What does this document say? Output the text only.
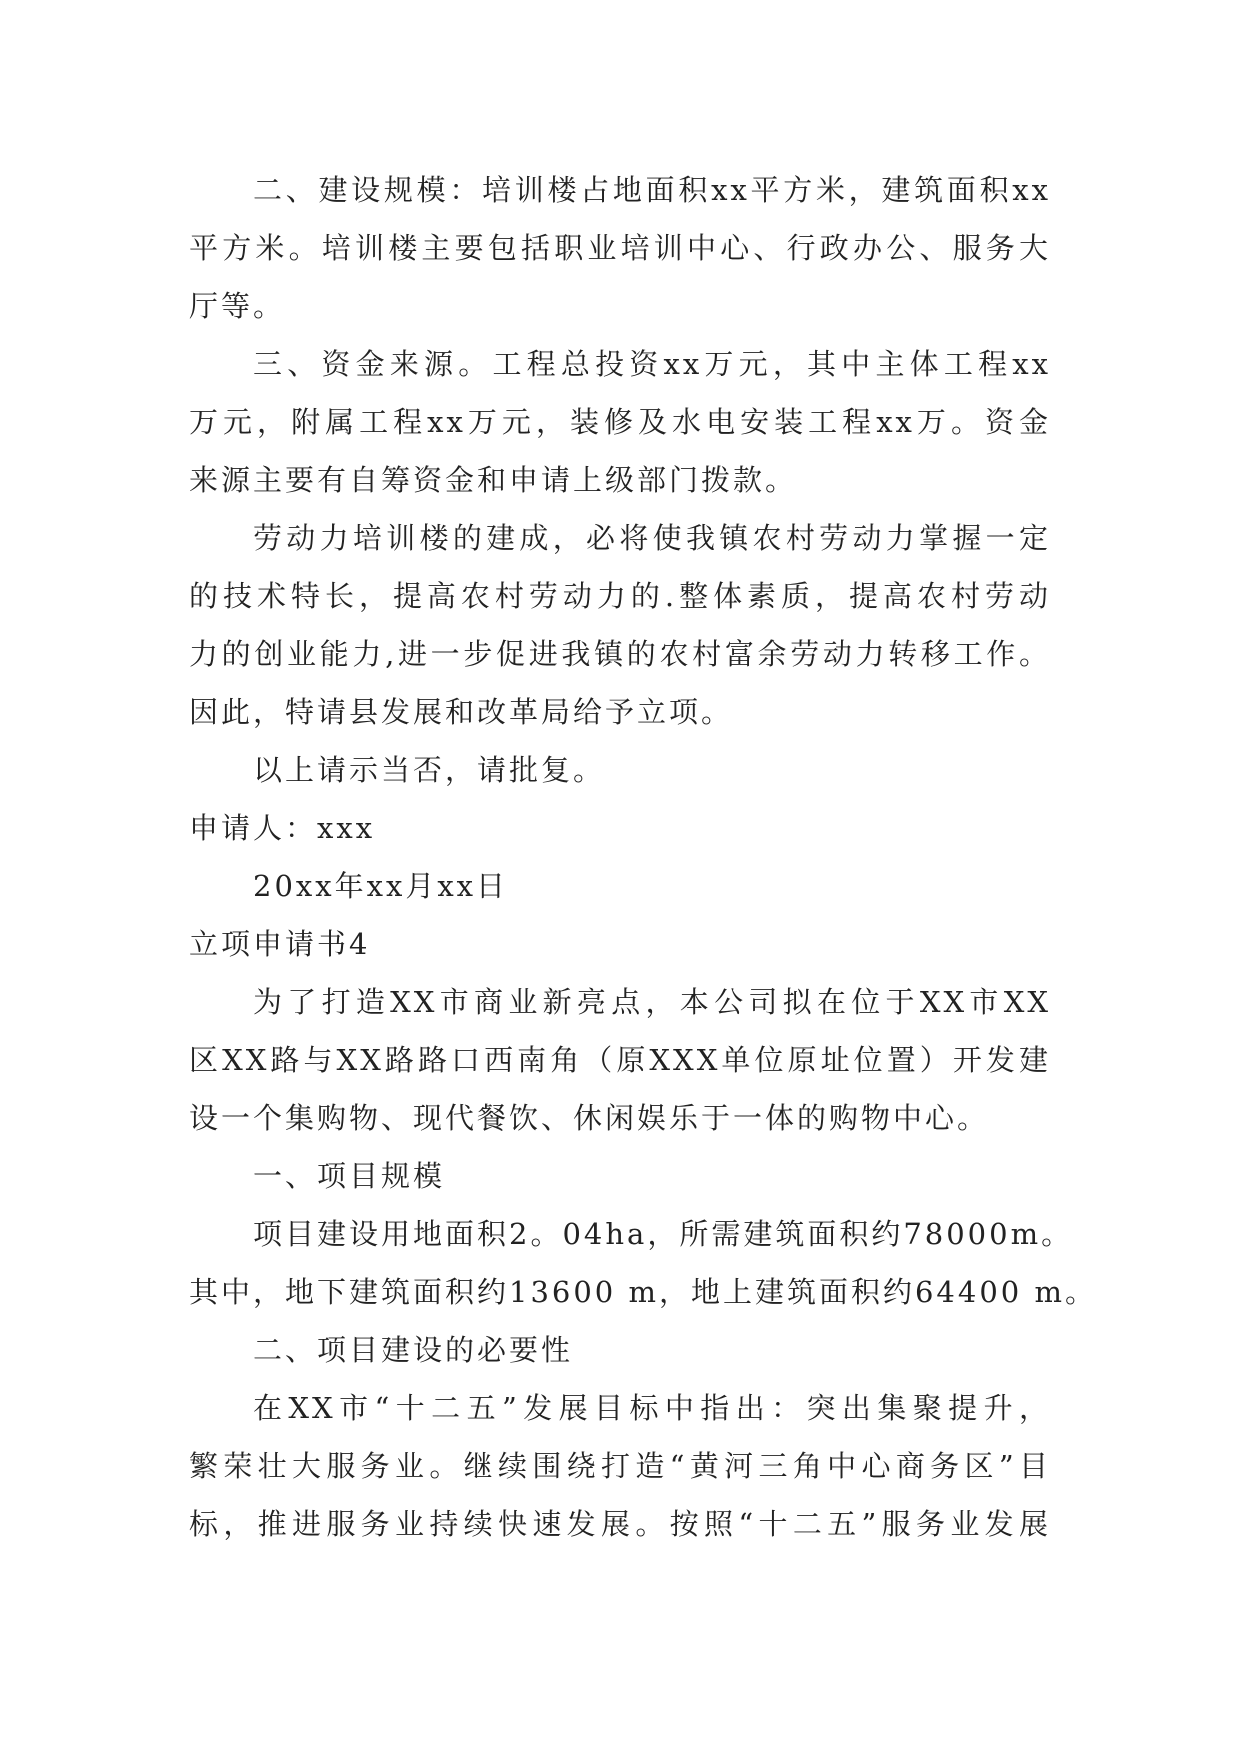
二、建设规模：培训楼占地面积xx平方米，建筑面积xx
平方米。培训楼主要包括职业培训中心、行政办公、服务大
厅等。
三、资金来源。工程总投资xx万元，其中主体工程xx
万元，附属工程xx万元，装修及水电安装工程xx万。资金
来源主要有自筹资金和申请上级部门拨款。
劳动力培训楼的建成，必将使我镇农村劳动力掌握一定
的技术特长，提高农村劳动力的.整体素质，提高农村劳动
力的创业能力,进一步促进我镇的农村富余劳动力转移工作。
因此，特请县发展和改革局给予立项。
以上请示当否，请批复。
申请人：xxx
20xx年xx月xx日
立项申请书4
为了打造XX市商业新亮点，本公司拟在位于XX市XX
区XX路与XX路路口西南角（原XXX单位原址位置）开发建
设一个集购物、现代餐饮、休闲娱乐于一体的购物中心。
一、项目规模
项目建设用地面积2。04ha，所需建筑面积约78000m。
其中，地下建筑面积约13600 m，地上建筑面积约64400 m。
二、项目建设的必要性
在XX市“十二五”发展目标中指出：突出集聚提升，
繁荣壮大服务业。继续围绕打造“黄河三角中心商务区”目
标，推进服务业持续快速发展。按照“十二五”服务业发展
